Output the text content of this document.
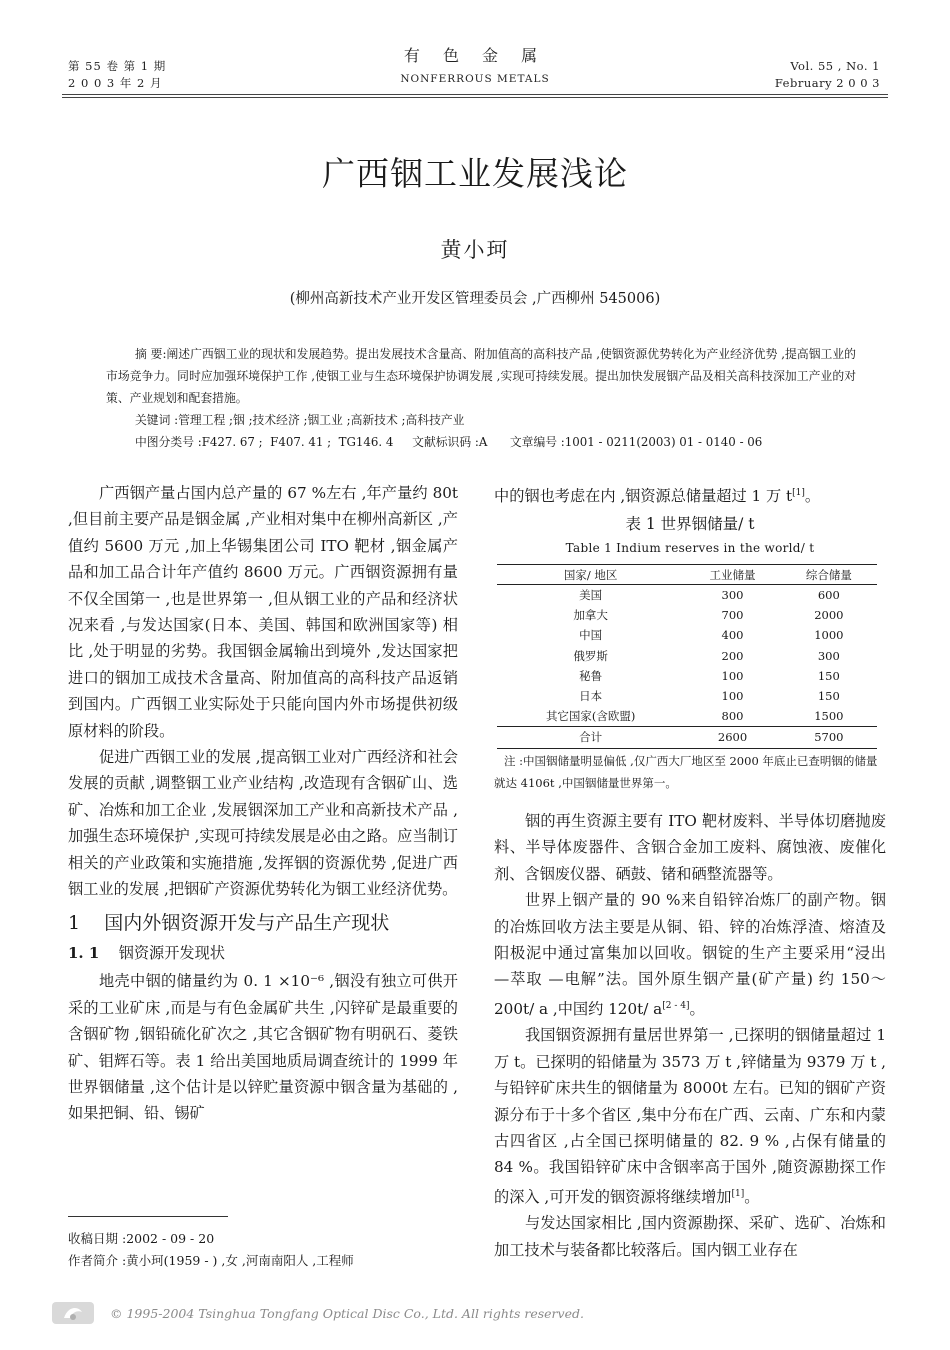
第 55 卷 第 1 期
2 0 0 3 年 2 月
有 色 金 属
NONFERROUS METALS
Vol. 55 , No. 1
February 2 0 0 3
广西铟工业发展浅论
黄小珂
(柳州高新技术产业开发区管理委员会 ,广西柳州 545006)
摘 要:阐述广西铟工业的现状和发展趋势。提出发展技术含量高、附加值高的高科技产品 ,使铟资源优势转化为产业经济优势 ,提高铟工业的市场竞争力。同时应加强环境保护工作 ,使铟工业与生态环境保护协调发展 ,实现可持续发展。提出加快发展铟产品及相关高科技深加工产业的对策、产业规划和配套措施。
关键词 :管理工程 ;铟 ;技术经济 ;铟工业 ;高新技术 ;高科技产业
中图分类号 :F427. 67 ;  F407. 41 ;  TG146. 4     文献标识码 :A      文章编号 :1001 - 0211(2003) 01 - 0140 - 06

广西铟产量占国内总产量的 67 %左右 ,年产量约 80t ,但目前主要产品是铟金属 ,产业相对集中在柳州高新区 ,产值约 5600 万元 ,加上华锡集团公司 ITO 靶材 ,铟金属产品和加工品合计年产值约 8600 万元。广西铟资源拥有量不仅全国第一 ,也是世界第一 ,但从铟工业的产品和经济状况来看 ,与发达国家(日本、美国、韩国和欧洲国家等) 相比 ,处于明显的劣势。我国铟金属输出到境外 ,发达国家把进口的铟加工成技术含量高、附加值高的高科技产品返销到国内。广西铟工业实际处于只能向国内外市场提供初级原材料的阶段。

促进广西铟工业的发展 ,提高铟工业对广西经济和社会发展的贡献 ,调整铟工业产业结构 ,改造现有含铟矿山、选矿、冶炼和加工企业 ,发展铟深加工产业和高新技术产品 ,加强生态环境保护 ,实现可持续发展是必由之路。应当制订相关的产业政策和实施措施 ,发挥铟的资源优势 ,促进广西铟工业的发展 ,把铟矿产资源优势转化为铟工业经济优势。

1 国内外铟资源开发与产品生产现状
1. 1 铟资源开发现状

地壳中铟的储量约为 0. 1 ×10⁻⁶ ,铟没有独立可供开采的工业矿床 ,而是与有色金属矿共生 ,闪锌矿是最重要的含铟矿物 ,铟铅硫化矿次之 ,其它含铟矿物有明矾石、菱铁矿、钼辉石等。表 1 给出美国地质局调查统计的 1999 年世界铟储量 ,这个估计是以锌贮量资源中铟含量为基础的 ,如果把铜、铅、锡矿

收稿日期 :2002 - 09 - 20
作者简介 :黄小珂(1959 - ) ,女 ,河南南阳人 ,工程师
中的铟也考虑在内 ,铟资源总储量超过 1 万 t[1]。
表 1 世界铟储量/ t
Table 1 Indium reserves in the world/ t
国家/ 地区	工业储量	综合储量
美国	300	600
加拿大	700	2000
中国	400	1000
俄罗斯	200	300
秘鲁	100	150
日本	100	150
其它国家(含欧盟)	800	1500
合计	2600	5700
注 :中国铟储量明显偏低 ,仅广西大厂地区至 2000 年底止已查明铟的储量就达 4106t ,中国铟储量世界第一。

铟的再生资源主要有 ITO 靶材废料、半导体切磨抛废料、半导体废器件、含铟合金加工废料、腐蚀液、废催化剂、含铟废仪器、硒鼓、锗和硒整流器等。

世界上铟产量的 90 %来自铅锌冶炼厂的副产物。铟的冶炼回收方法主要是从铜、铅、锌的冶炼浮渣、熔渣及阳极泥中通过富集加以回收。铟锭的生产主要采用“浸出 —萃取 —电解”法。国外原生铟产量(矿产量) 约 150～200t/ a ,中国约 120t/ a[2 - 4]。

我国铟资源拥有量居世界第一 ,已探明的铟储量超过 1 万 t。已探明的铅储量为 3573 万 t ,锌储量为 9379 万 t ,与铅锌矿床共生的铟储量为 8000t 左右。已知的铟矿产资源分布于十多个省区 ,集中分布在广西、云南、广东和内蒙古四省区 ,占全国已探明储量的 82. 9 % ,占保有储量的 84 %。我国铅锌矿床中含铟率高于国外 ,随资源勘探工作的深入 ,可开发的铟资源将继续增加[1]。

与发达国家相比 ,国内资源勘探、采矿、选矿、冶炼和加工技术与装备都比较落后。国内铟工业存在

© 1995-2004 Tsinghua Tongfang Optical Disc Co., Ltd. All rights reserved.
